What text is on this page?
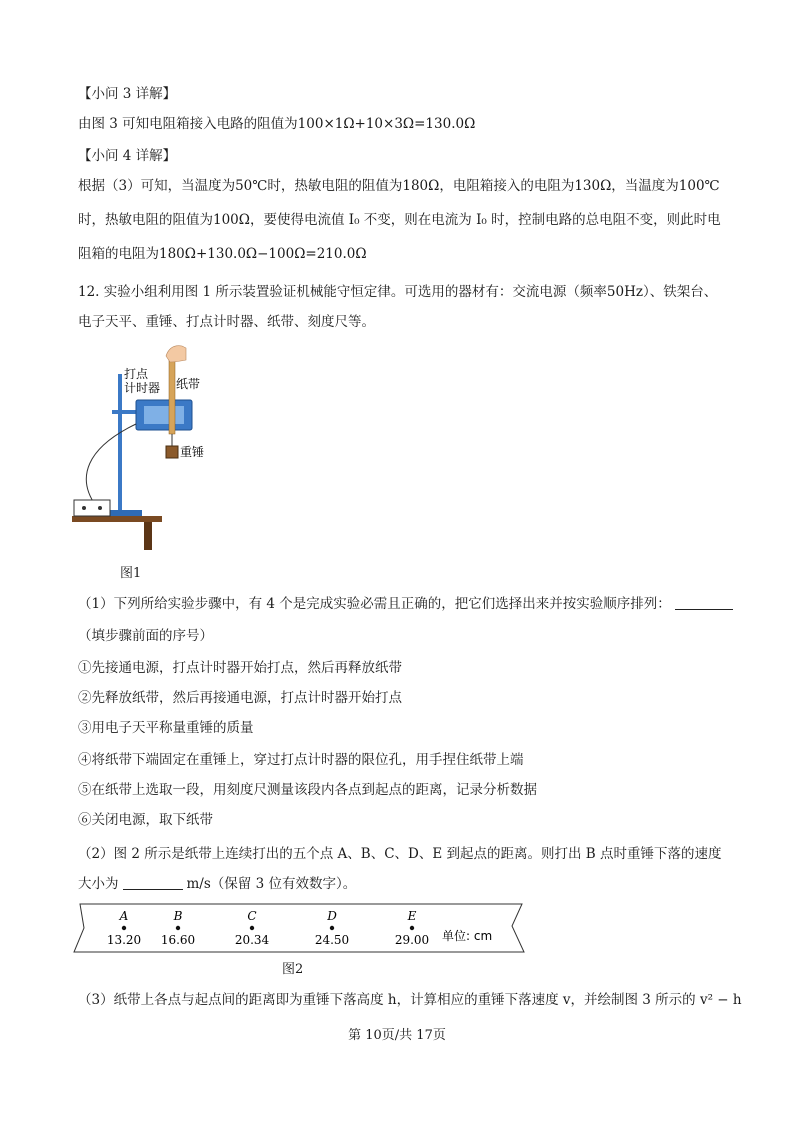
【小问 3 详解】
由图 3 可知电阻箱接入电路的阻值为100×1Ω+10×3Ω=130.0Ω
【小问 4 详解】
根据（3）可知，当温度为50℃时，热敏电阻的阻值为180Ω，电阻箱接入的电阻为130Ω，当温度为100℃
时，热敏电阻的阻值为100Ω，要使得电流值 I₀ 不变，则在电流为 I₀ 时，控制电路的总电阻不变，则此时电
阻箱的电阻为180Ω+130.0Ω−100Ω=210.0Ω
12. 实验小组利用图 1 所示装置验证机械能守恒定律。可选用的器材有：交流电源（频率50Hz）、铁架台、
电子天平、重锤、打点计时器、纸带、刻度尺等。
打点
计时器 纸带
重锤
图1
（1）下列所给实验步骤中，有 4 个是完成实验必需且正确的，把它们选择出来并按实验顺序排列：
（填步骤前面的序号）
①先接通电源，打点计时器开始打点，然后再释放纸带
②先释放纸带，然后再接通电源，打点计时器开始打点
③用电子天平称量重锤的质量
④将纸带下端固定在重锤上，穿过打点计时器的限位孔，用手捏住纸带上端
⑤在纸带上选取一段，用刻度尺测量该段内各点到起点的距离，记录分析数据
⑥关闭电源，取下纸带
（2）图 2 所示是纸带上连续打出的五个点 A、B、C、D、E 到起点的距离。则打出 B 点时重锤下落的速度
大小为	m/s（保留 3 位有效数字）。
A
13.20
B
16.60
C
20.34
D
24.50
E
29.00 单位: cm
图2
（3）纸带上各点与起点间的距离即为重锤下落高度 h，计算相应的重锤下落速度 v，并绘制图 3 所示的 v² − h
第 10页/共 17页
